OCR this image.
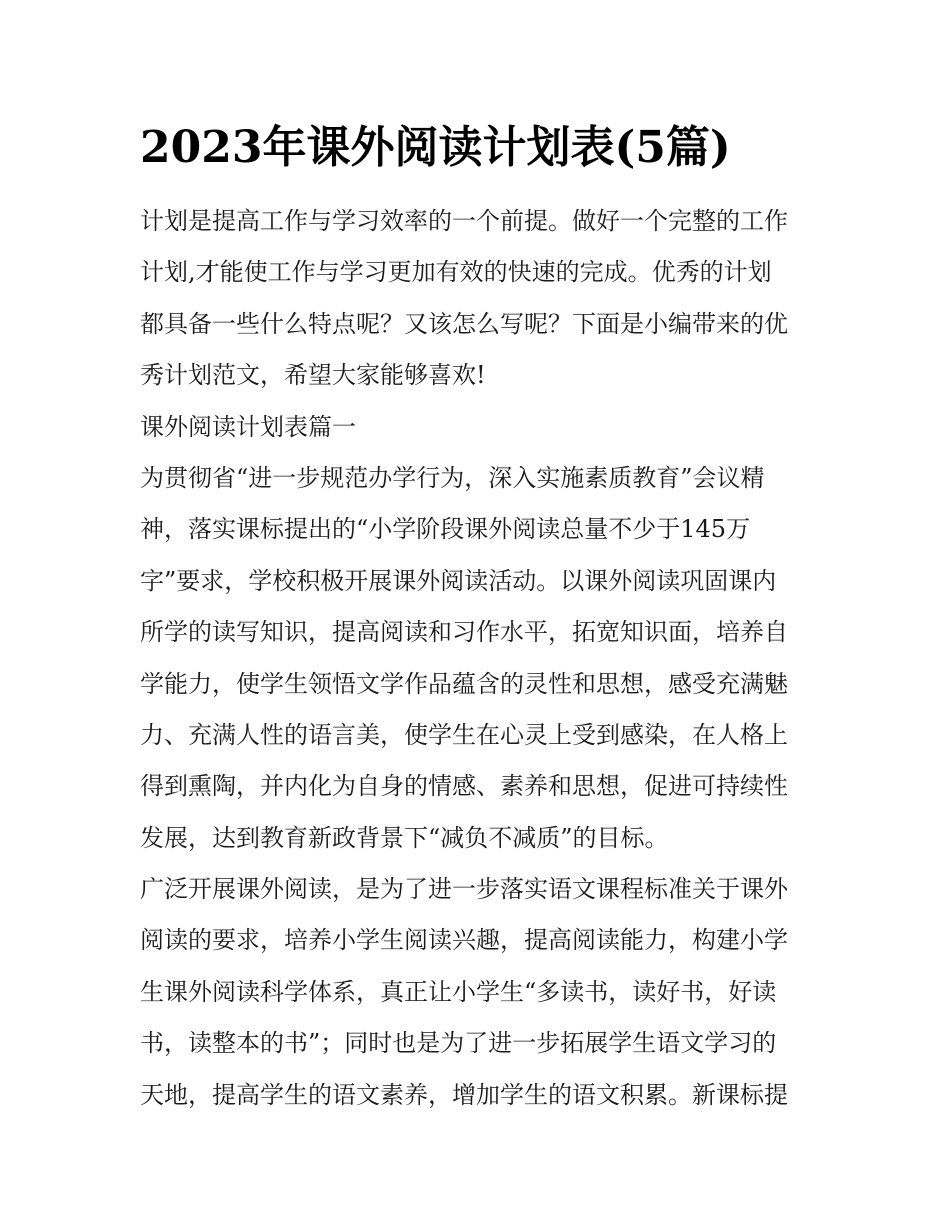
2023年课外阅读计划表(5篇)
计划是提高工作与学习效率的一个前提。做好一个完整的工作
计划,才能使工作与学习更加有效的快速的完成。优秀的计划
都具备一些什么特点呢？又该怎么写呢？下面是小编带来的优
秀计划范文，希望大家能够喜欢!
课外阅读计划表篇一
为贯彻省“进一步规范办学行为，深入实施素质教育”会议精
神，落实课标提出的“小学阶段课外阅读总量不少于145万
字”要求，学校积极开展课外阅读活动。以课外阅读巩固课内
所学的读写知识，提高阅读和习作水平，拓宽知识面，培养自
学能力，使学生领悟文学作品蕴含的灵性和思想，感受充满魅
力、充满人性的语言美，使学生在心灵上受到感染，在人格上
得到熏陶，并内化为自身的情感、素养和思想，促进可持续性
发展，达到教育新政背景下“减负不减质”的目标。
广泛开展课外阅读，是为了进一步落实语文课程标准关于课外
阅读的要求，培养小学生阅读兴趣，提高阅读能力，构建小学
生课外阅读科学体系，真正让小学生“多读书，读好书，好读
书，读整本的书”；同时也是为了进一步拓展学生语文学习的
天地，提高学生的语文素养，增加学生的语文积累。新课标提
